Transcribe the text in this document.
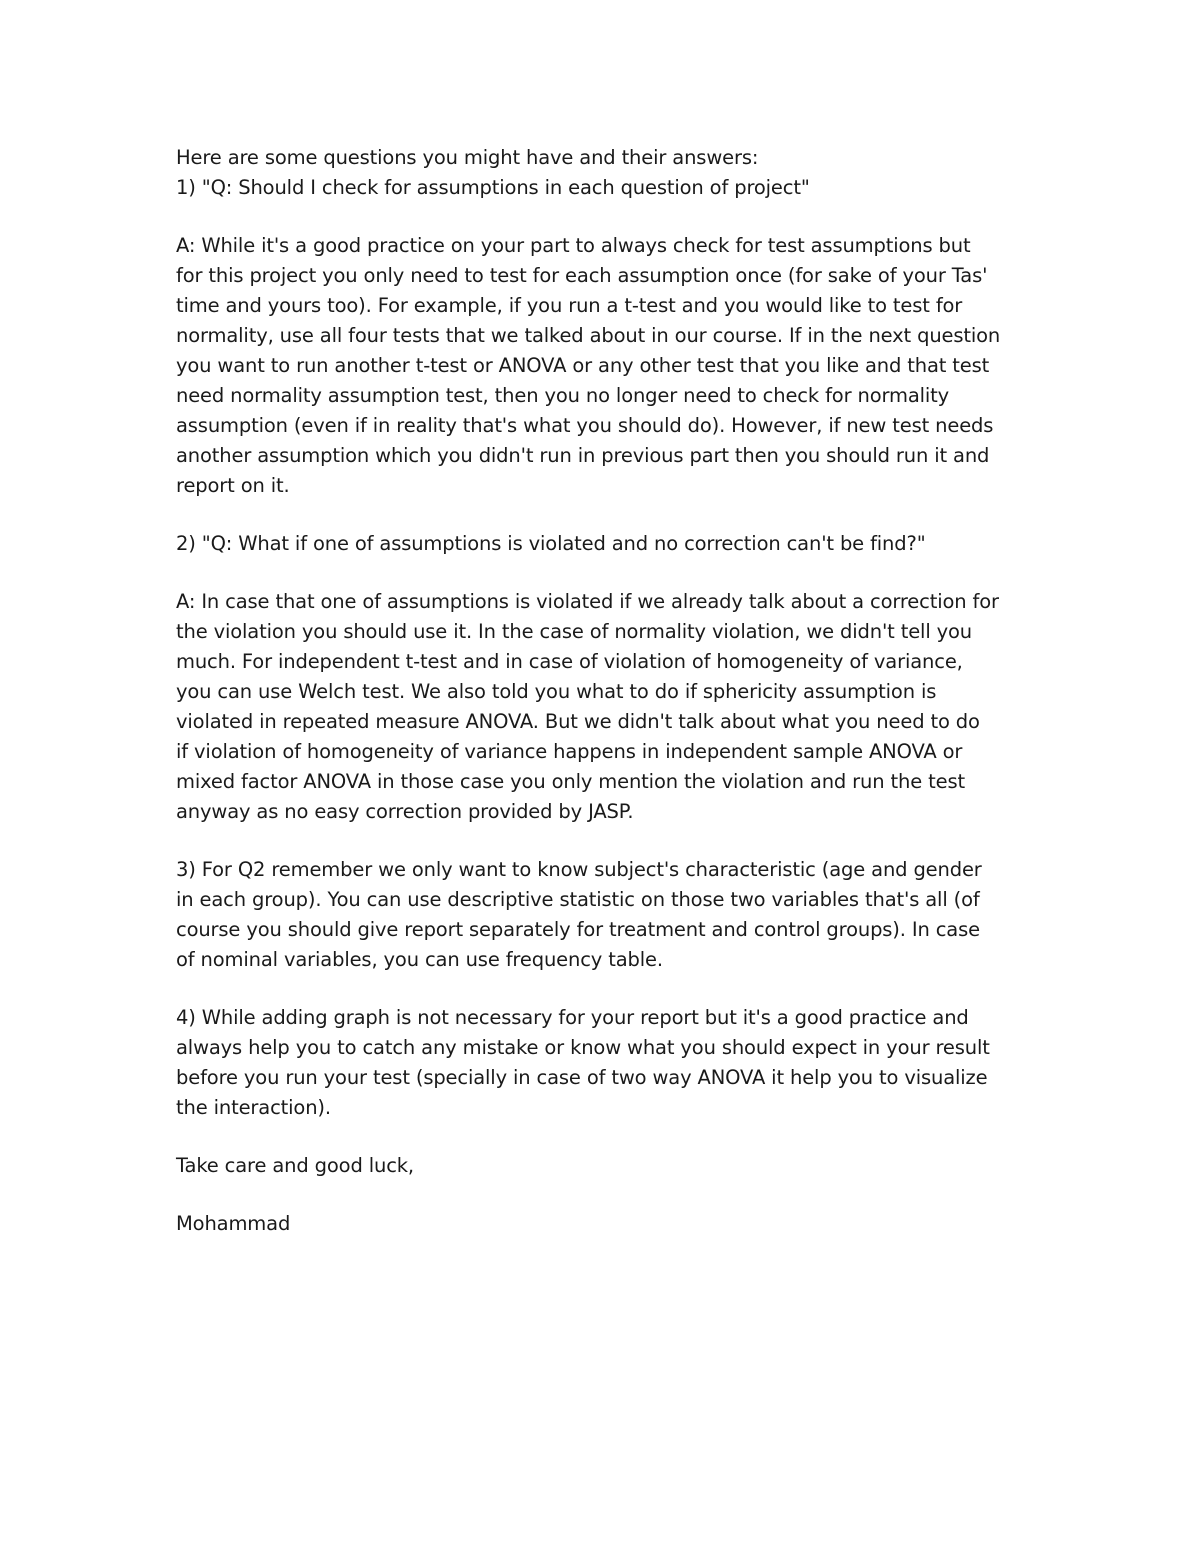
Here are some questions you might have and their answers:

1) "Q: Should I check for assumptions in each question of project"

A: While it's a good practice on your part to always check for test assumptions but

for this project you only need to test for each assumption once (for sake of your Tas'

time and yours too). For example, if you run a t-test and you would like to test for

normality, use all four tests that we talked about in our course. If in the next question

you want to run another t-test or ANOVA or any other test that you like and that test

need normality assumption test, then you no longer need to check for normality

assumption (even if in reality that's what you should do). However, if new test needs

another assumption which you didn't run in previous part then you should run it and

report on it.

2) "Q: What if one of assumptions is violated and no correction can't be find?"

A: In case that one of assumptions is violated if we already talk about a correction for

the violation you should use it. In the case of normality violation, we didn't tell you

much. For independent t-test and in case of violation of homogeneity of variance,

you can use Welch test. We also told you what to do if sphericity assumption is

violated in repeated measure ANOVA. But we didn't talk about what you need to do

if violation of homogeneity of variance happens in independent sample ANOVA or

mixed factor ANOVA in those case you only mention the violation and run the test

anyway as no easy correction provided by JASP.

3) For Q2 remember we only want to know subject's characteristic (age and gender

in each group). You can use descriptive statistic on those two variables that's all (of

course you should give report separately for treatment and control groups). In case

of nominal variables, you can use frequency table.

4) While adding graph is not necessary for your report but it's a good practice and

always help you to catch any mistake or know what you should expect in your result

before you run your test (specially in case of two way ANOVA it help you to visualize

the interaction).

Take care and good luck,

Mohammad
